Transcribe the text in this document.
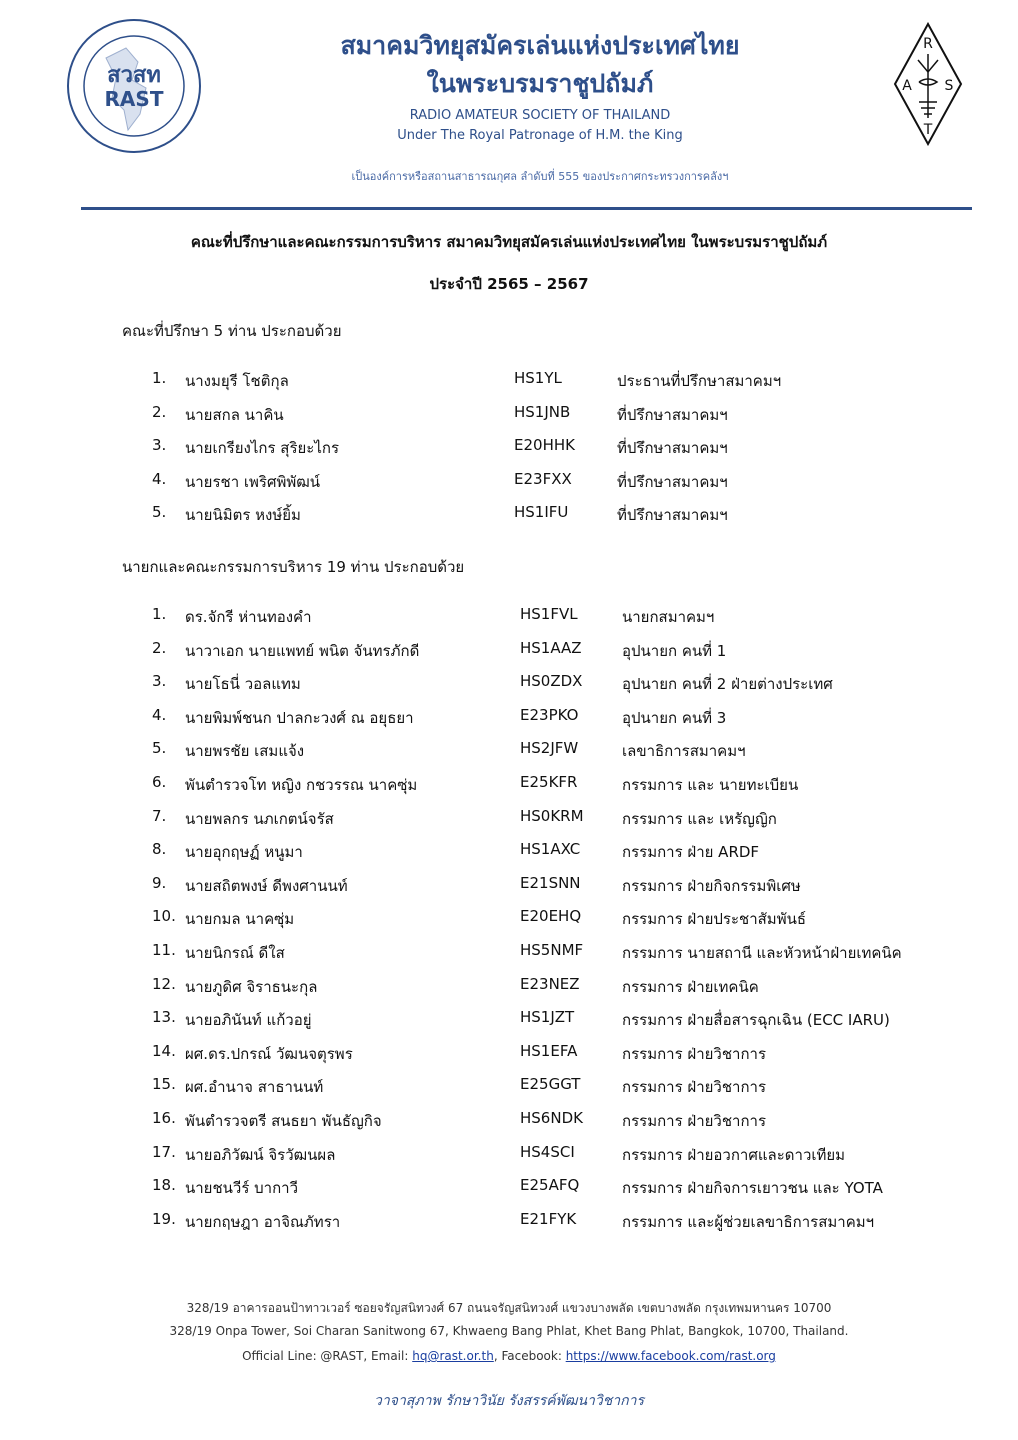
สวสท
RAST
สมาคมวิทยุสมัครเล่นแห่งประเทศไทย
ในพระบรมราชูปถัมภ์
RADIO AMATEUR SOCIETY OF THAILAND
Under The Royal Patronage of H.M. the King
เป็นองค์การหรือสถานสาธารณกุศล ลำดับที่ 555 ของประกาศกระทรวงการคลังฯ
R
A S
T
คณะที่ปรึกษาและคณะกรรมการบริหาร สมาคมวิทยุสมัครเล่นแห่งประเทศไทย ในพระบรมราชูปถัมภ์
ประจำปี 2565 – 2567
คณะที่ปรึกษา 5 ท่าน ประกอบด้วย
1. นางมยุรี โชติกุล	HS1YL	ประธานที่ปรึกษาสมาคมฯ
2. นายสกล นาคิน	HS1JNB	ที่ปรึกษาสมาคมฯ
3. นายเกรียงไกร สุริยะไกร	E20HHK	ที่ปรึกษาสมาคมฯ
4. นายรชา เพริศพิพัฒน์	E23FXX	ที่ปรึกษาสมาคมฯ
5. นายนิมิตร หงษ์ยิ้ม	HS1IFU	ที่ปรึกษาสมาคมฯ
นายกและคณะกรรมการบริหาร 19 ท่าน ประกอบด้วย
1. ดร.จักรี ห่านทองคำ	HS1FVL	นายกสมาคมฯ
2. นาวาเอก นายแพทย์ พนิต จันทรภักดี	HS1AAZ	อุปนายก คนที่ 1
3. นายโธนี่ วอลแทม	HS0ZDX	อุปนายก คนที่ 2 ฝ่ายต่างประเทศ
4. นายพิมพ์ชนก ปาลกะวงศ์ ณ อยุธยา	E23PKO	อุปนายก คนที่ 3
5. นายพรชัย เสมแจ้ง	HS2JFW	เลขาธิการสมาคมฯ
6. พันตำรวจโท หญิง กชวรรณ นาคซุ่ม	E25KFR	กรรมการ และ นายทะเบียน
7. นายพลกร นภเกตน์จรัส	HS0KRM	กรรมการ และ เหรัญญิก
8. นายอุกฤษฏ์ หนูมา	HS1AXC	กรรมการ ฝ่าย ARDF
9. นายสถิตพงษ์ ดีพงศานนท์	E21SNN	กรรมการ ฝ่ายกิจกรรมพิเศษ
10. นายกมล นาคซุ่ม	E20EHQ	กรรมการ ฝ่ายประชาสัมพันธ์
11. นายนิกรณ์ ดีใส	HS5NMF	กรรมการ นายสถานี และหัวหน้าฝ่ายเทคนิค
12. นายภูดิศ จิราธนะกุล	E23NEZ	กรรมการ ฝ่ายเทคนิค
13. นายอภินันท์ แก้วอยู่	HS1JZT	กรรมการ ฝ่ายสื่อสารฉุกเฉิน (ECC IARU)
14. ผศ.ดร.ปกรณ์ วัฒนจตุรพร	HS1EFA	กรรมการ ฝ่ายวิชาการ
15. ผศ.อำนาจ สาธานนท์	E25GGT	กรรมการ ฝ่ายวิชาการ
16. พันตำรวจตรี สนธยา พันธัญกิจ	HS6NDK	กรรมการ ฝ่ายวิชาการ
17. นายอภิวัฒน์ จิรวัฒนผล	HS4SCI	กรรมการ ฝ่ายอวกาศและดาวเทียม
18. นายชนวีร์ บากาวี	E25AFQ	กรรมการ ฝ่ายกิจการเยาวชน และ YOTA
19. นายกฤษฎา อาจิณภัทรา	E21FYK	กรรมการ และผู้ช่วยเลขาธิการสมาคมฯ
328/19 อาคารออนป้าทาวเวอร์ ซอยจรัญสนิทวงศ์ 67 ถนนจรัญสนิทวงศ์ แขวงบางพลัด เขตบางพลัด กรุงเทพมหานคร 10700
328/19 Onpa Tower, Soi Charan Sanitwong 67, Khwaeng Bang Phlat, Khet Bang Phlat, Bangkok, 10700, Thailand.
Official Line: @RAST, Email: hq@rast.or.th, Facebook: https://www.facebook.com/rast.org
วาจาสุภาพ รักษาวินัย รังสรรค์พัฒนาวิชาการ
